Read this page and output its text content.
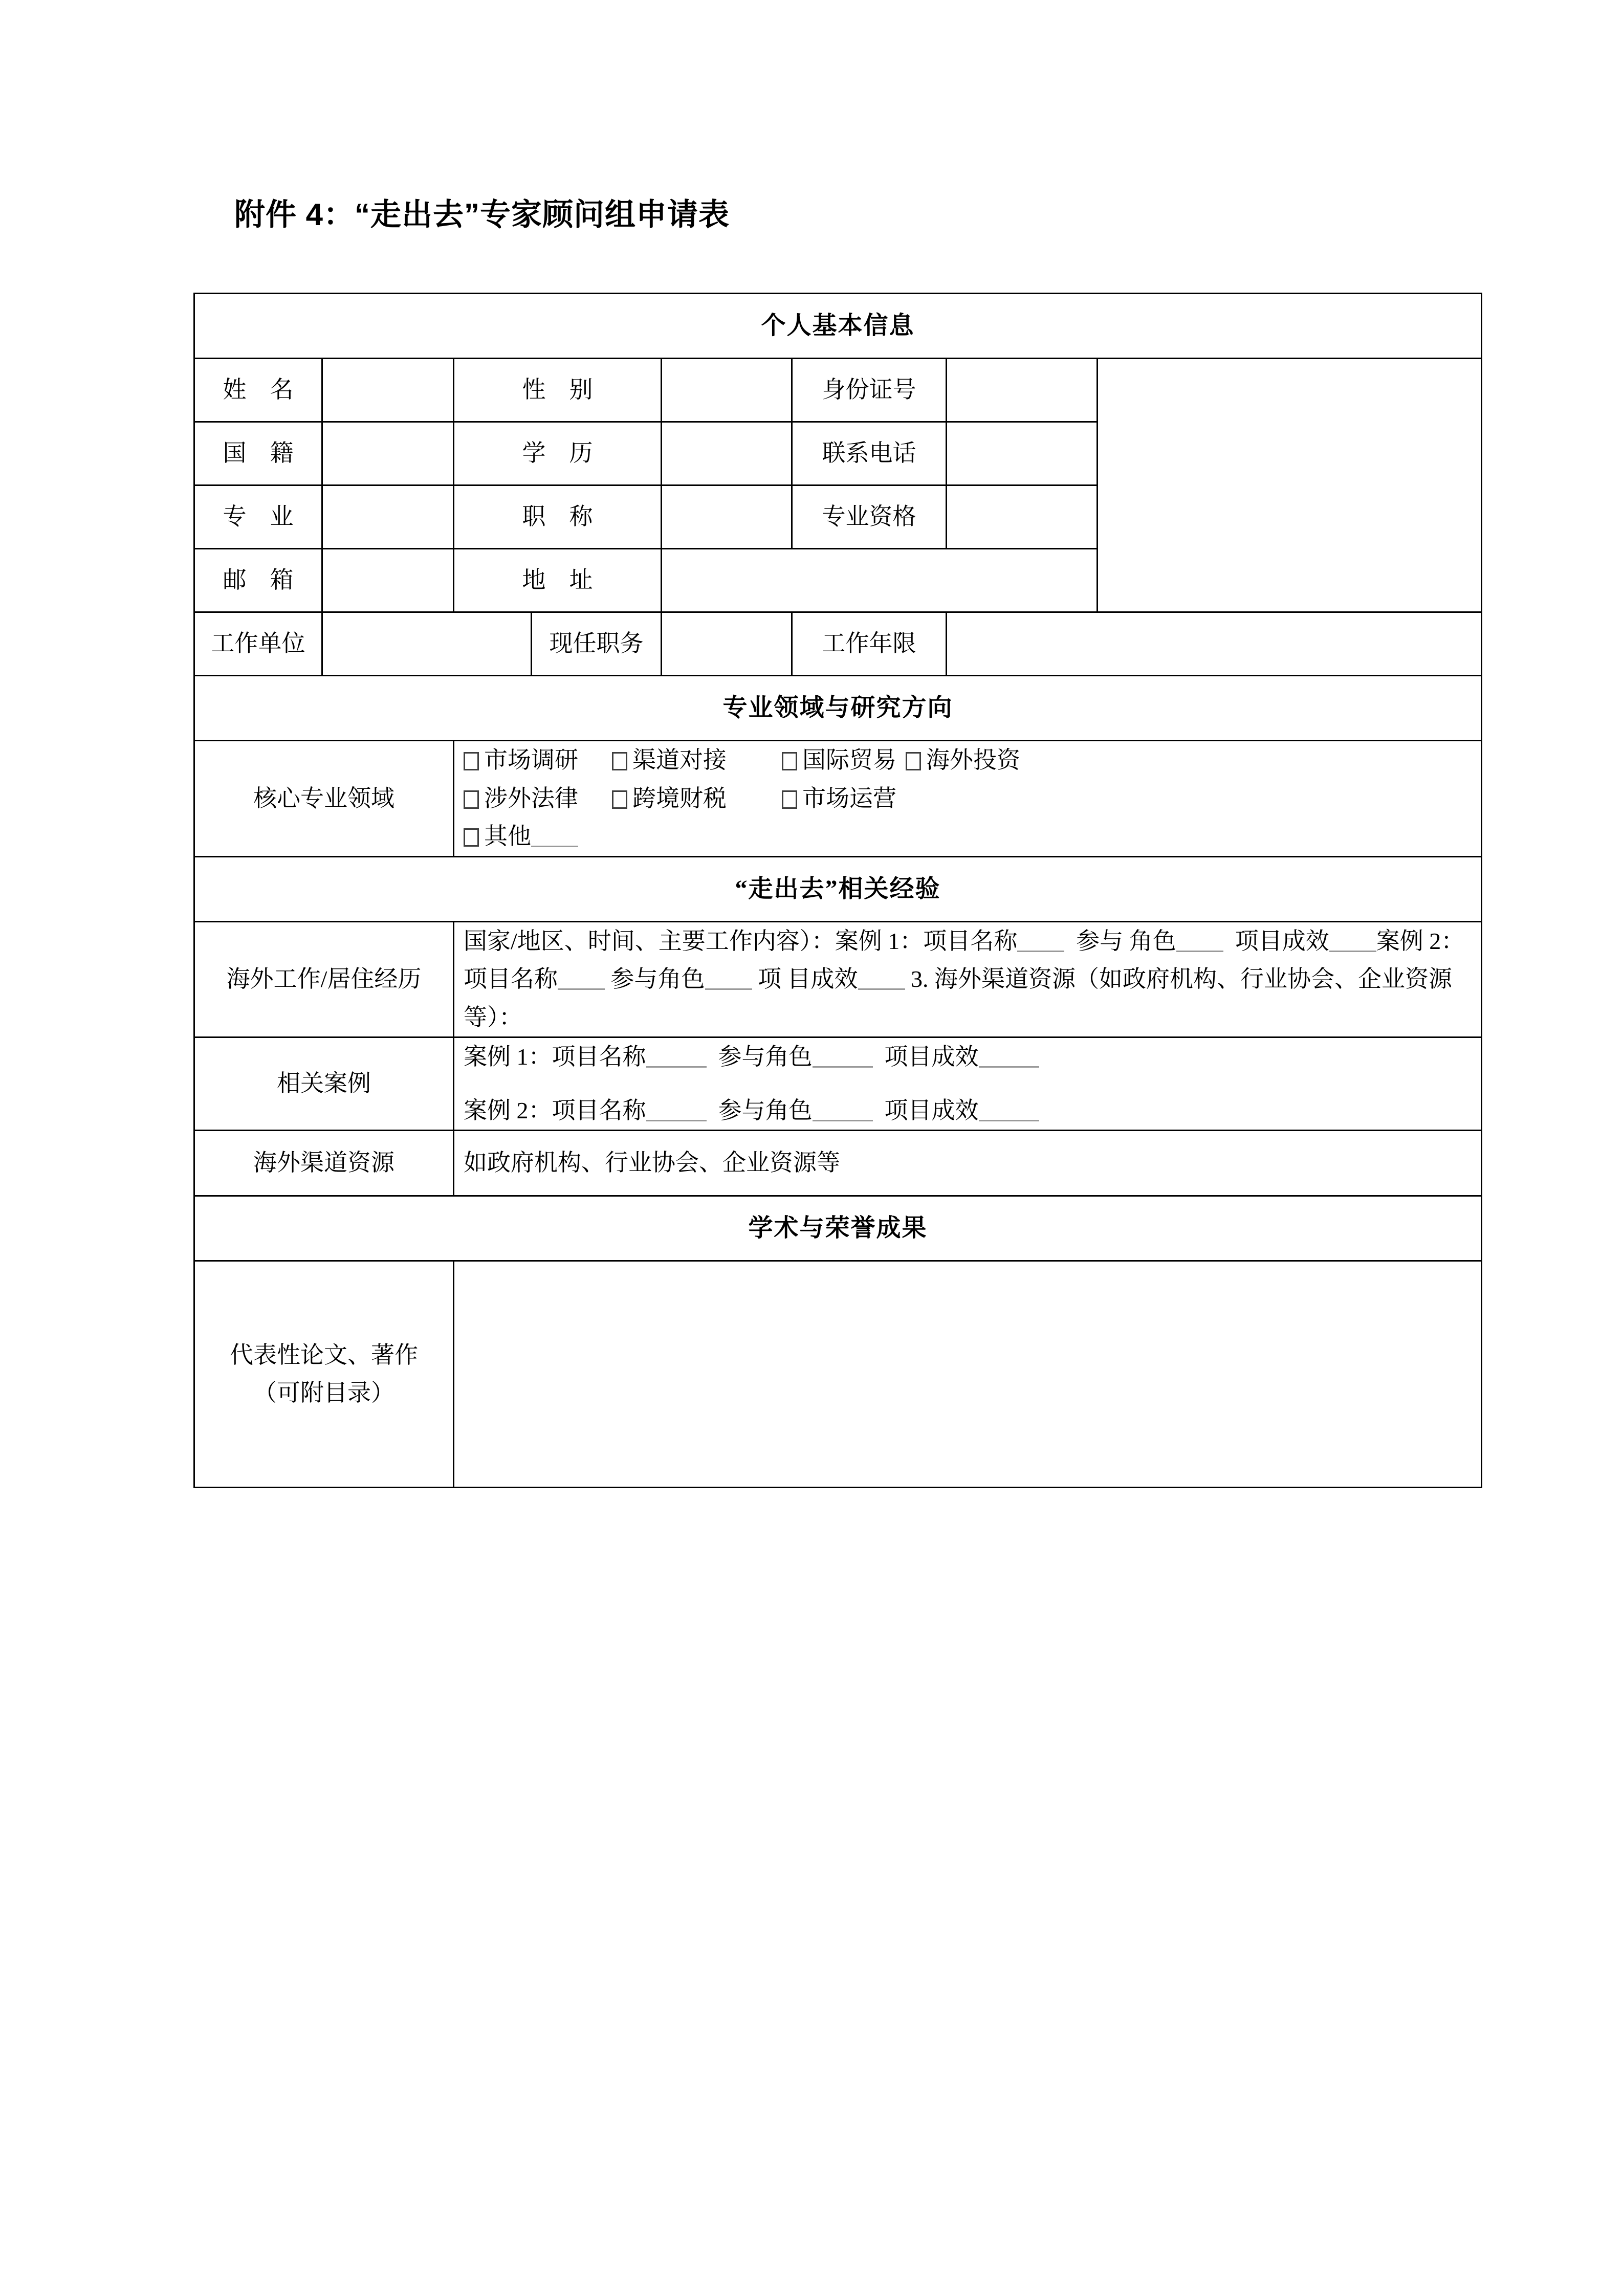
附件 4：“走出去”专家顾问组申请表
个人基本信息							
姓　名		性　别			身份证号		
国　籍		学　历			联系电话		
专　业		职　称			专业资格		
邮　箱		地　址					
工作单位			现任职务		工作年限		
专业领域与研究方向							
核心专业领域		市场调研 渠道对接 国际贸易 海外投资
涉外法律 跨境财税 市场运营
其他					

“走出去”相关经验							
海外工作/居住经历		国家/地区、时间、主要工作内容）：案例 1：项目名称 参与 角色 项目成效 案例 2：项目名称 参与角色 项 目成效 3. 海外渠道资源（如政府机构、行业协会、企业资源 等）：					
相关案例		案例 1：项目名称 参与角色 项目成效
案例 2：项目名称 参与角色 项目成效					

海外渠道资源		如政府机构、行业协会、企业资源等					
学术与荣誉成果							

代表性论文、著作
（可附目录）							
